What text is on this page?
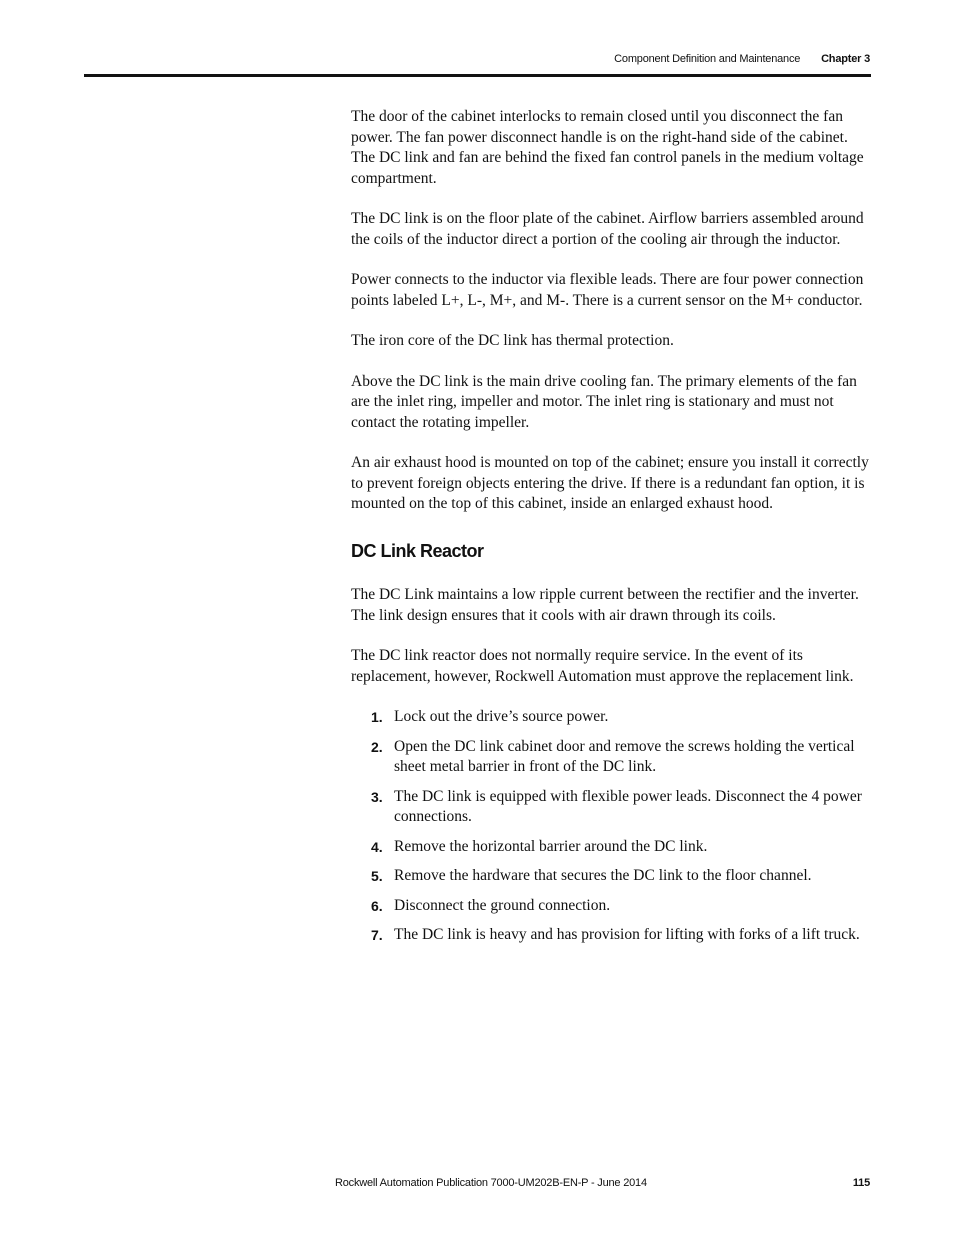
Component Definition and Maintenance Chapter 3

The door of the cabinet interlocks to remain closed until you disconnect the fan power. The fan power disconnect handle is on the right-hand side of the cabinet. The DC link and fan are behind the fixed fan control panels in the medium voltage compartment.

The DC link is on the floor plate of the cabinet. Airflow barriers assembled around the coils of the inductor direct a portion of the cooling air through the inductor.

Power connects to the inductor via flexible leads. There are four power connection points labeled L+, L-, M+, and M-. There is a current sensor on the M+ conductor.

The iron core of the DC link has thermal protection.

Above the DC link is the main drive cooling fan. The primary elements of the fan are the inlet ring, impeller and motor. The inlet ring is stationary and must not contact the rotating impeller.

An air exhaust hood is mounted on top of the cabinet; ensure you install it correctly to prevent foreign objects entering the drive. If there is a redundant fan option, it is mounted on the top of this cabinet, inside an enlarged exhaust hood.

DC Link Reactor

The DC Link maintains a low ripple current between the rectifier and the inverter. The link design ensures that it cools with air drawn through its coils.

The DC link reactor does not normally require service. In the event of its replacement, however, Rockwell Automation must approve the replacement link.

1. Lock out the drive’s source power.
2. Open the DC link cabinet door and remove the screws holding the vertical sheet metal barrier in front of the DC link.
3. The DC link is equipped with flexible power leads. Disconnect the 4 power connections.
4. Remove the horizontal barrier around the DC link.
5. Remove the hardware that secures the DC link to the floor channel.
6. Disconnect the ground connection.
7. The DC link is heavy and has provision for lifting with forks of a lift truck.
Rockwell Automation Publication 7000-UM202B-EN-P - June 2014	115
